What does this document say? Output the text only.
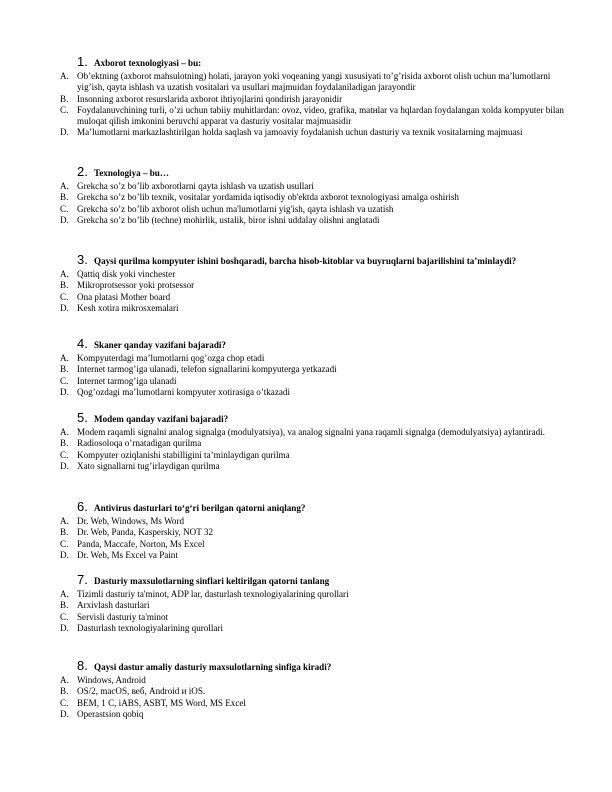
1. Axborot texnologiyasi – bu:
A. Ob’ektning (axborot mahsulotning) holati, jarayon yoki voqeaning yangi xususiyati to’g’risida axborot olish uchun ma’lumotlarni yig’ish, qayta ishlash va uzatish vositalari va usullari majmuidan foydalaniladigan jarayondir
B. Insonning axborot resurslarida axborot ihtiyojlarini qondirish jarayonidir
C. Foydalanuvchining turli, o’zi uchun tabiiy muhitlardan: ovoz, video, grafika, matнlar va hqlardan foydalangan xolda kompyuter bilan muloqat qilish imkonini beruvchi apparat va dasturiy vositalar majmuasidir
D. Ma’lumotlarni markazlashtirilgan holda saqlash va jamoaviy foydalanish uchun dasturiy va texnik vositalarning majmuasi
2. Texnologiya – bu…
A. Grekcha so’z bo’lib axborotlarni qayta ishlash va uzatish usullari
B. Grekcha so’z bo’lib texnik, vositalar yordamida iqtisodiy ob'ektda axborot texnologiyasi amalga oshirish
C. Grekcha so’z bo’lib axborot olish uchun ma'lumotlarni yig'ish, qayta ishlash va uzatish
D. Grekcha so’z bo’lib (techne) mohirlik, ustalik, biror ishni uddalay olishni anglatadi
3. Qaysi qurilma kompyuter ishini boshqaradi, barcha hisob-kitoblar va buyruqlarni bajarilishini ta’minlaydi?
A. Qattiq disk yoki vinchester
B. Mikroprotsessor yoki protsessor
C. Ona platasi Mother board
D. Kesh xotira mikrosxemalari
4. Skaner qanday vazifani bajaradi?
A. Kompyuterdagi ma’lumotlarni qog’ozga chop etadi
B. Internet tarmog’iga ulanadi, telefon signallarini kompyuterga yetkazadi
C. Internet tarmog’iga ulanadi
D. Qog’ozdagi ma’lumotlarni kompyuter xotirasiga o’tkazadi
5. Modem qanday vazifani bajaradi?
A. Modem raqamli signalni analog signalga (modulyatsiya), va analog signalni yana raqamli signalga (demodulyatsiya) aylantiradi.
B. Radiosoloqa o’rnatadigan qurilma
C. Kompyuter oziqlanishi stabilligini ta’minlaydigan qurilma
D. Xato signallarni tug’irlaydigan qurilma
6. Antivirus dasturlari to‘g‘ri berilgan qatorni aniqlang?
A. Dr. Web, Windows, Ms Word
B. Dr. Web, Panda, Kasperskiy, NOT 32
C. Panda, Maccafe, Norton, Ms Excel
D. Dr. Web, Ms Excel va Paint
7. Dasturiy maxsulotlarning sinflari keltirilgan qatorni tanlang
A. Tizimli dasturiy ta'minot, ADP lar, dasturlash texnologiyalarining qurollari
B. Arxivlash dasturlari
C. Servisli dasturiy ta'minot
D. Dasturlash texnologiyalarining qurollari
8. Qaysi dastur amaliy dasturiy maxsulotlarning sinfiga kiradi?
A. Windows, Android
B. OS/2, macOS, веб, Android и iOS.
C. BEM, 1 C, iABS, ASBT, MS Word, MS Excel
D. Operastsion qobiq
